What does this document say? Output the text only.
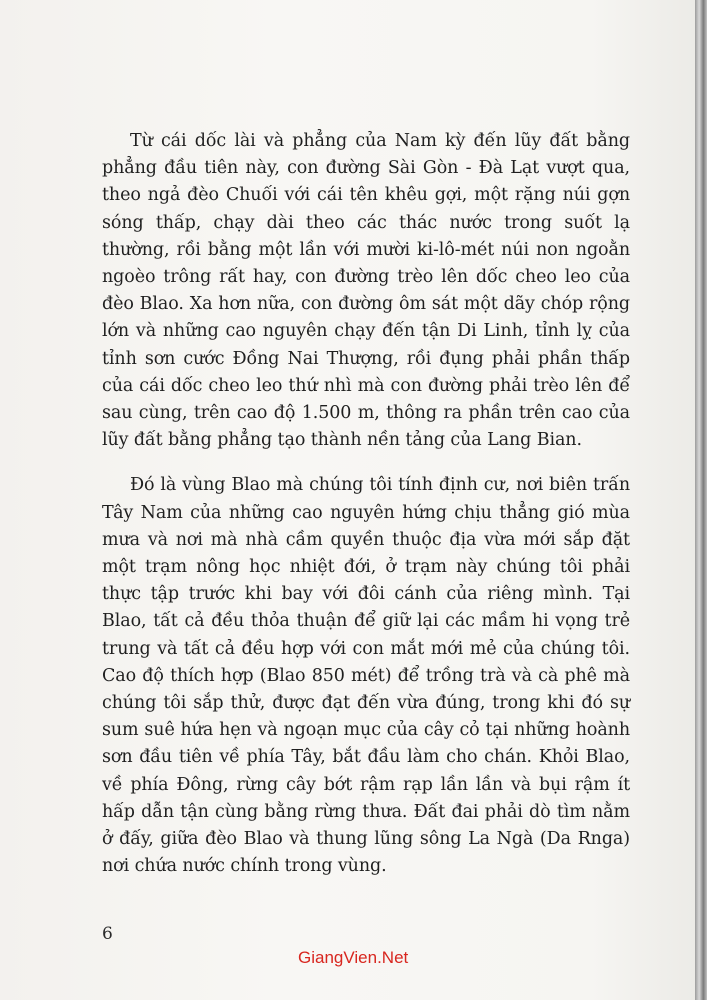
Từ cái dốc lài và phẳng của Nam kỳ đến lũy đất bằng phẳng đầu tiên này, con đường Sài Gòn - Đà Lạt vượt qua, theo ngả đèo Chuối với cái tên khêu gợi, một rặng núi gợn sóng thấp, chạy dài theo các thác nước trong suốt lạ thường, rồi bằng một lần với mười ki-lô-mét núi non ngoằn ngoèo trông rất hay, con đường trèo lên dốc cheo leo của đèo Blao. Xa hơn nữa, con đường ôm sát một dãy chóp rộng lớn và những cao nguyên chạy đến tận Di Linh, tỉnh lỵ của tỉnh sơn cước Đồng Nai Thượng, rồi đụng phải phần thấp của cái dốc cheo leo thứ nhì mà con đường phải trèo lên để sau cùng, trên cao độ 1.500 m, thông ra phần trên cao của lũy đất bằng phẳng tạo thành nền tảng của Lang Bian.

Đó là vùng Blao mà chúng tôi tính định cư, nơi biên trấn Tây Nam của những cao nguyên hứng chịu thẳng gió mùa mưa và nơi mà nhà cầm quyền thuộc địa vừa mới sắp đặt một trạm nông học nhiệt đới, ở trạm này chúng tôi phải thực tập trước khi bay với đôi cánh của riêng mình. Tại Blao, tất cả đều thỏa thuận để giữ lại các mầm hi vọng trẻ trung và tất cả đều hợp với con mắt mới mẻ của chúng tôi. Cao độ thích hợp (Blao 850 mét) để trồng trà và cà phê mà chúng tôi sắp thử, được đạt đến vừa đúng, trong khi đó sự sum suê hứa hẹn và ngoạn mục của cây cỏ tại những hoành sơn đầu tiên về phía Tây, bắt đầu làm cho chán. Khỏi Blao, về phía Đông, rừng cây bớt rậm rạp lần lần và bụi rậm ít hấp dẫn tận cùng bằng rừng thưa. Đất đai phải dò tìm nằm ở đấy, giữa đèo Blao và thung lũng sông La Ngà (Da Rnga) nơi chứa nước chính trong vùng.

6
GiangVien.Net
